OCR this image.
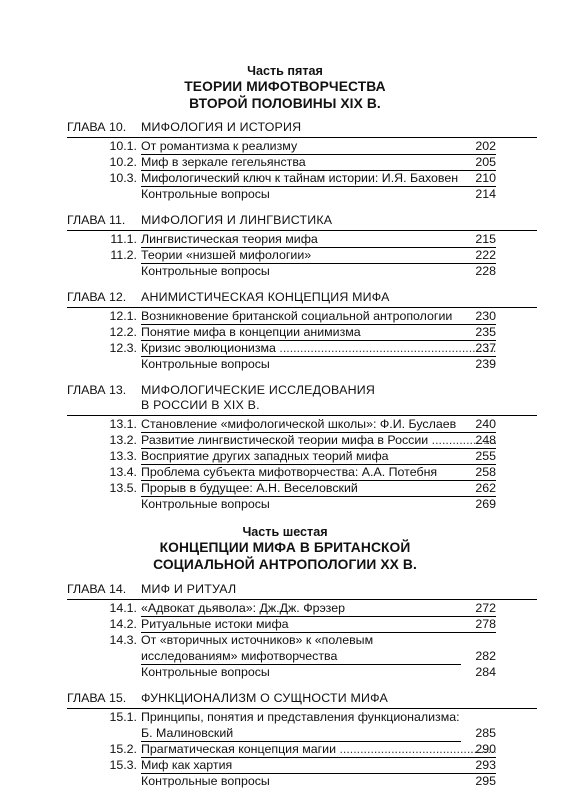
Часть пятая
ТЕОРИИ МИФОТВОРЧЕСТВА
ВТОРОЙ ПОЛОВИНЫ XIX В.
ГЛАВА 10.	МИФОЛОГИЯ И ИСТОРИЯ
10.1. От романтизма к реализму	202
10.2. Миф в зеркале гегельянства	205
10.3. Мифологический ключ к тайнам истории: И.Я. Баховен	210
Контрольные вопросы	214
ГЛАВА 11.	МИФОЛОГИЯ И ЛИНГВИСТИКА
11.1. Лингвистическая теория мифа	215
11.2. Теории «низшей мифологии»	222
Контрольные вопросы	228
ГЛАВА 12.	АНИМИСТИЧЕСКАЯ КОНЦЕПЦИЯ МИФА
12.1. Возникновение британской социальной антропологии	230
12.2. Понятие мифа в концепции анимизма	235
12.3. Кризис эволюционизма .....	237
Контрольные вопросы	239
ГЛАВА 13.	МИФОЛОГИЧЕСКИЕ ИССЛЕДОВАНИЯ
В РОССИИ В XIX В.
13.1. Становление «мифологической школы»: Ф.И. Буслаев	240
13.2. Развитие лингвистической теории мифа в России .....	248
13.3. Восприятие других западных теорий мифа	255
13.4. Проблема субъекта мифотворчества: А.А. Потебня	258
13.5. Прорыв в будущее: А.Н. Веселовский	262
Контрольные вопросы	269
Часть шестая
КОНЦЕПЦИИ МИФА В БРИТАНСКОЙ
СОЦИАЛЬНОЙ АНТРОПОЛОГИИ XX В.
ГЛАВА 14.	МИФ И РИТУАЛ
14.1. «Адвокат дьявола»: Дж.Дж. Фрэзер	272
14.2. Ритуальные истоки мифа	278
14.3. От «вторичных источников» к «полевым исследованиям» мифотворчества	282
Контрольные вопросы	284
ГЛАВА 15.	ФУНКЦИОНАЛИЗМ О СУЩНОСТИ МИФА
15.1. Принципы, понятия и представления функционализма: Б. Малиновский	285
15.2. Прагматическая концепция магии .....	290
15.3. Миф как хартия	293
Контрольные вопросы	295
